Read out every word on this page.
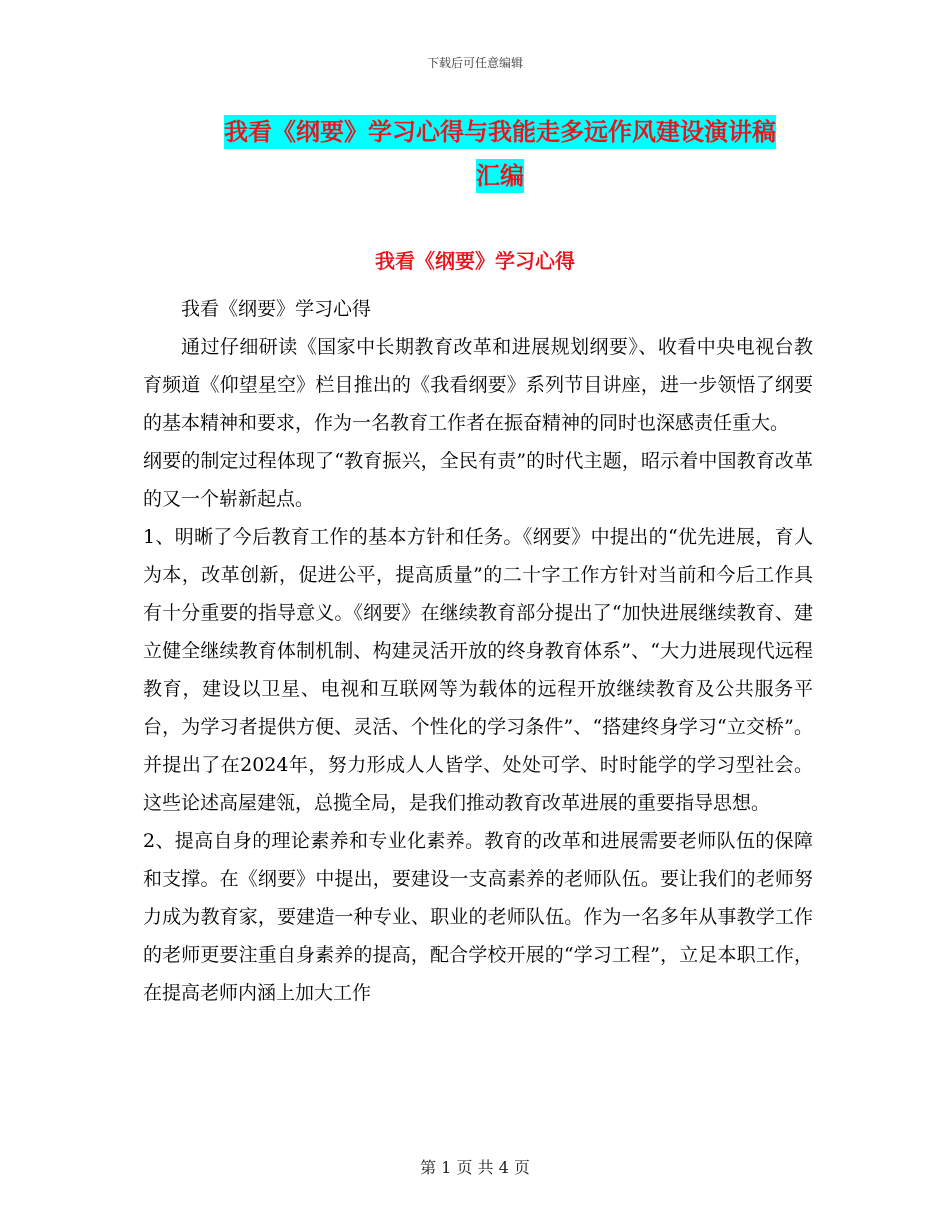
下载后可任意编辑
我看《纲要》学习心得与我能走多远作风建设演讲稿
汇编
我看《纲要》学习心得

我看《纲要》学习心得

通过仔细研读《国家中长期教育改革和进展规划纲要》、收看中央电视台教育频道《仰望星空》栏目推出的《我看纲要》系列节目讲座，进一步领悟了纲要的基本精神和要求，作为一名教育工作者在振奋精神的同时也深感责任重大。

纲要的制定过程体现了“教育振兴，全民有责”的时代主题，昭示着中国教育改革的又一个崭新起点。

1、明晰了今后教育工作的基本方针和任务。《纲要》中提出的“优先进展，育人为本，改革创新，促进公平，提高质量”的二十字工作方针对当前和今后工作具有十分重要的指导意义。《纲要》在继续教育部分提出了“加快进展继续教育、建立健全继续教育体制机制、构建灵活开放的终身教育体系”、“大力进展现代远程教育，建设以卫星、电视和互联网等为载体的远程开放继续教育及公共服务平台，为学习者提供方便、灵活、个性化的学习条件”、“搭建终身学习“立交桥”。并提出了在2024年，努力形成人人皆学、处处可学、时时能学的学习型社会。这些论述高屋建瓴，总揽全局，是我们推动教育改革进展的重要指导思想。

2、提高自身的理论素养和专业化素养。教育的改革和进展需要老师队伍的保障和支撑。在《纲要》中提出，要建设一支高素养的老师队伍。要让我们的老师努力成为教育家，要建造一种专业、职业的老师队伍。作为一名多年从事教学工作的老师更要注重自身素养的提高，配合学校开展的“学习工程”，立足本职工作，在提高老师内涵上加大工作

第 1 页 共 4 页
